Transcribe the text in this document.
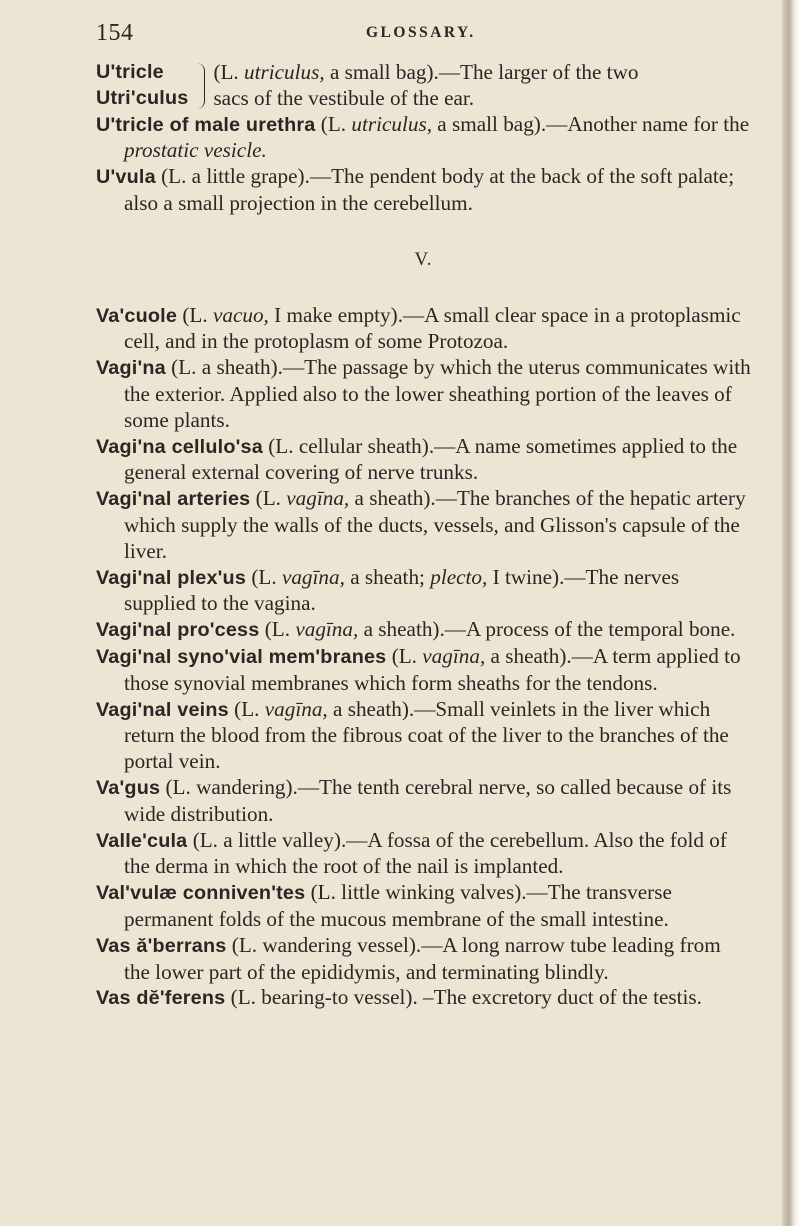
154	GLOSSARY.
U'tricle
Utri'culus
(L. utriculus, a small bag).—The larger of the two
sacs of the vestibule of the ear.
U'tricle of male urethra (L. utriculus, a small bag).—Another name for the prostatic vesicle.
U'vula (L. a little grape).—The pendent body at the back of the soft palate; also a small projection in the cerebellum.
V.
Va'cuole (L. vacuo, I make empty).—A small clear space in a protoplasmic cell, and in the protoplasm of some Protozoa.
Vagi'na (L. a sheath).—The passage by which the uterus communicates with the exterior. Applied also to the lower sheathing portion of the leaves of some plants.
Vagi'na cellulo'sa (L. cellular sheath).—A name sometimes applied to the general external covering of nerve trunks.
Vagi'nal arteries (L. vagīna, a sheath).—The branches of the hepatic artery which supply the walls of the ducts, vessels, and Glisson's capsule of the liver.
Vagi'nal plex'us (L. vagīna, a sheath; plecto, I twine).—The nerves supplied to the vagina.
Vagi'nal pro'cess (L. vagīna, a sheath).—A process of the temporal bone.
Vagi'nal syno'vial mem'branes (L. vagīna, a sheath).—A term applied to those synovial membranes which form sheaths for the tendons.
Vagi'nal veins (L. vagīna, a sheath).—Small veinlets in the liver which return the blood from the fibrous coat of the liver to the branches of the portal vein.
Va'gus (L. wandering).—The tenth cerebral nerve, so called because of its wide distribution.
Valle'cula (L. a little valley).—A fossa of the cerebellum. Also the fold of the derma in which the root of the nail is implanted.
Val'vulæ conniven'tes (L. little winking valves).—The transverse permanent folds of the mucous membrane of the small intestine.
Vas ă'berrans (L. wandering vessel).—A long narrow tube leading from the lower part of the epididymis, and terminating blindly.
Vas dĕ'ferens (L. bearing-to vessel). –The excretory duct of the testis.
